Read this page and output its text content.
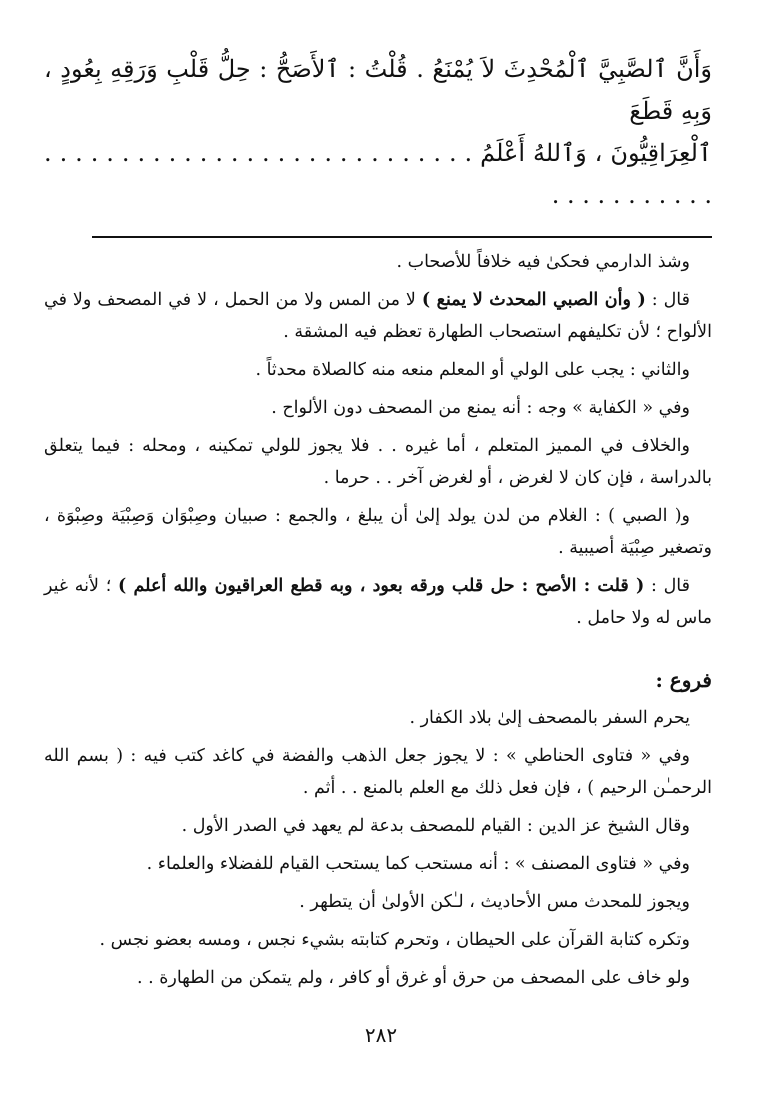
وَأَنَّ ٱلصَّبِيَّ ٱلْمُحْدِثَ لاَ يُمْنَعُ . قُلْتُ : ٱلأَصَحُّ : حِلُّ قَلْبِ وَرَقِهِ بِعُودٍ ، وَبِهِ قَطَعَ
ٱلْعِرَاقِيُّونَ ، وَٱللهُ أَعْلَمُ . . . . . . . . . . . . . . . . . . . . . . . . . . . . . . . . . . . . . . .

وشذ الدارمي فحكىٰ فيه خلافاً للأصحاب .

قال : ( وأن الصبي المحدث لا يمنع ) لا من المس ولا من الحمل ، لا في المصحف ولا في الألواح ؛ لأن تكليفهم استصحاب الطهارة تعظم فيه المشقة .

والثاني : يجب على الولي أو المعلم منعه منه كالصلاة محدثاً .

وفي « الكفاية » وجه : أنه يمنع من المصحف دون الألواح .

والخلاف في المميز المتعلم ، أما غيره . . فلا يجوز للولي تمكينه ، ومحله : فيما يتعلق بالدراسة ، فإن كان لا لغرض ، أو لغرض آخر . . حرما .

و( الصبي ) : الغلام من لدن يولد إلىٰ أن يبلغ ، والجمع : صبيان وصِبْوَان وَصِبْيَة وصِبْوَة ، وتصغير صِبْيَة أصيبية .

قال : ( قلت : الأصح : حل قلب ورقه بعود ، وبه قطع العراقيون والله أعلم ) ؛ لأنه غير ماس له ولا حامل .

فروع :

يحرم السفر بالمصحف إلىٰ بلاد الكفار .

وفي « فتاوى الحناطي » : لا يجوز جعل الذهب والفضة في كاغد كتب فيه : ( بسم الله الرحمـٰن الرحيم ) ، فإن فعل ذلك مع العلم بالمنع . . أثم .

وقال الشيخ عز الدين : القيام للمصحف بدعة لم يعهد في الصدر الأول .

وفي « فتاوى المصنف » : أنه مستحب كما يستحب القيام للفضلاء والعلماء .

ويجوز للمحدث مس الأحاديث ، لـٰكن الأولىٰ أن يتطهر .

وتكره كتابة القرآن على الحيطان ، وتحرم كتابته بشيء نجس ، ومسه بعضو نجس .

ولو خاف على المصحف من حرق أو غرق أو كافر ، ولم يتمكن من الطهارة . .

٢٨٢
